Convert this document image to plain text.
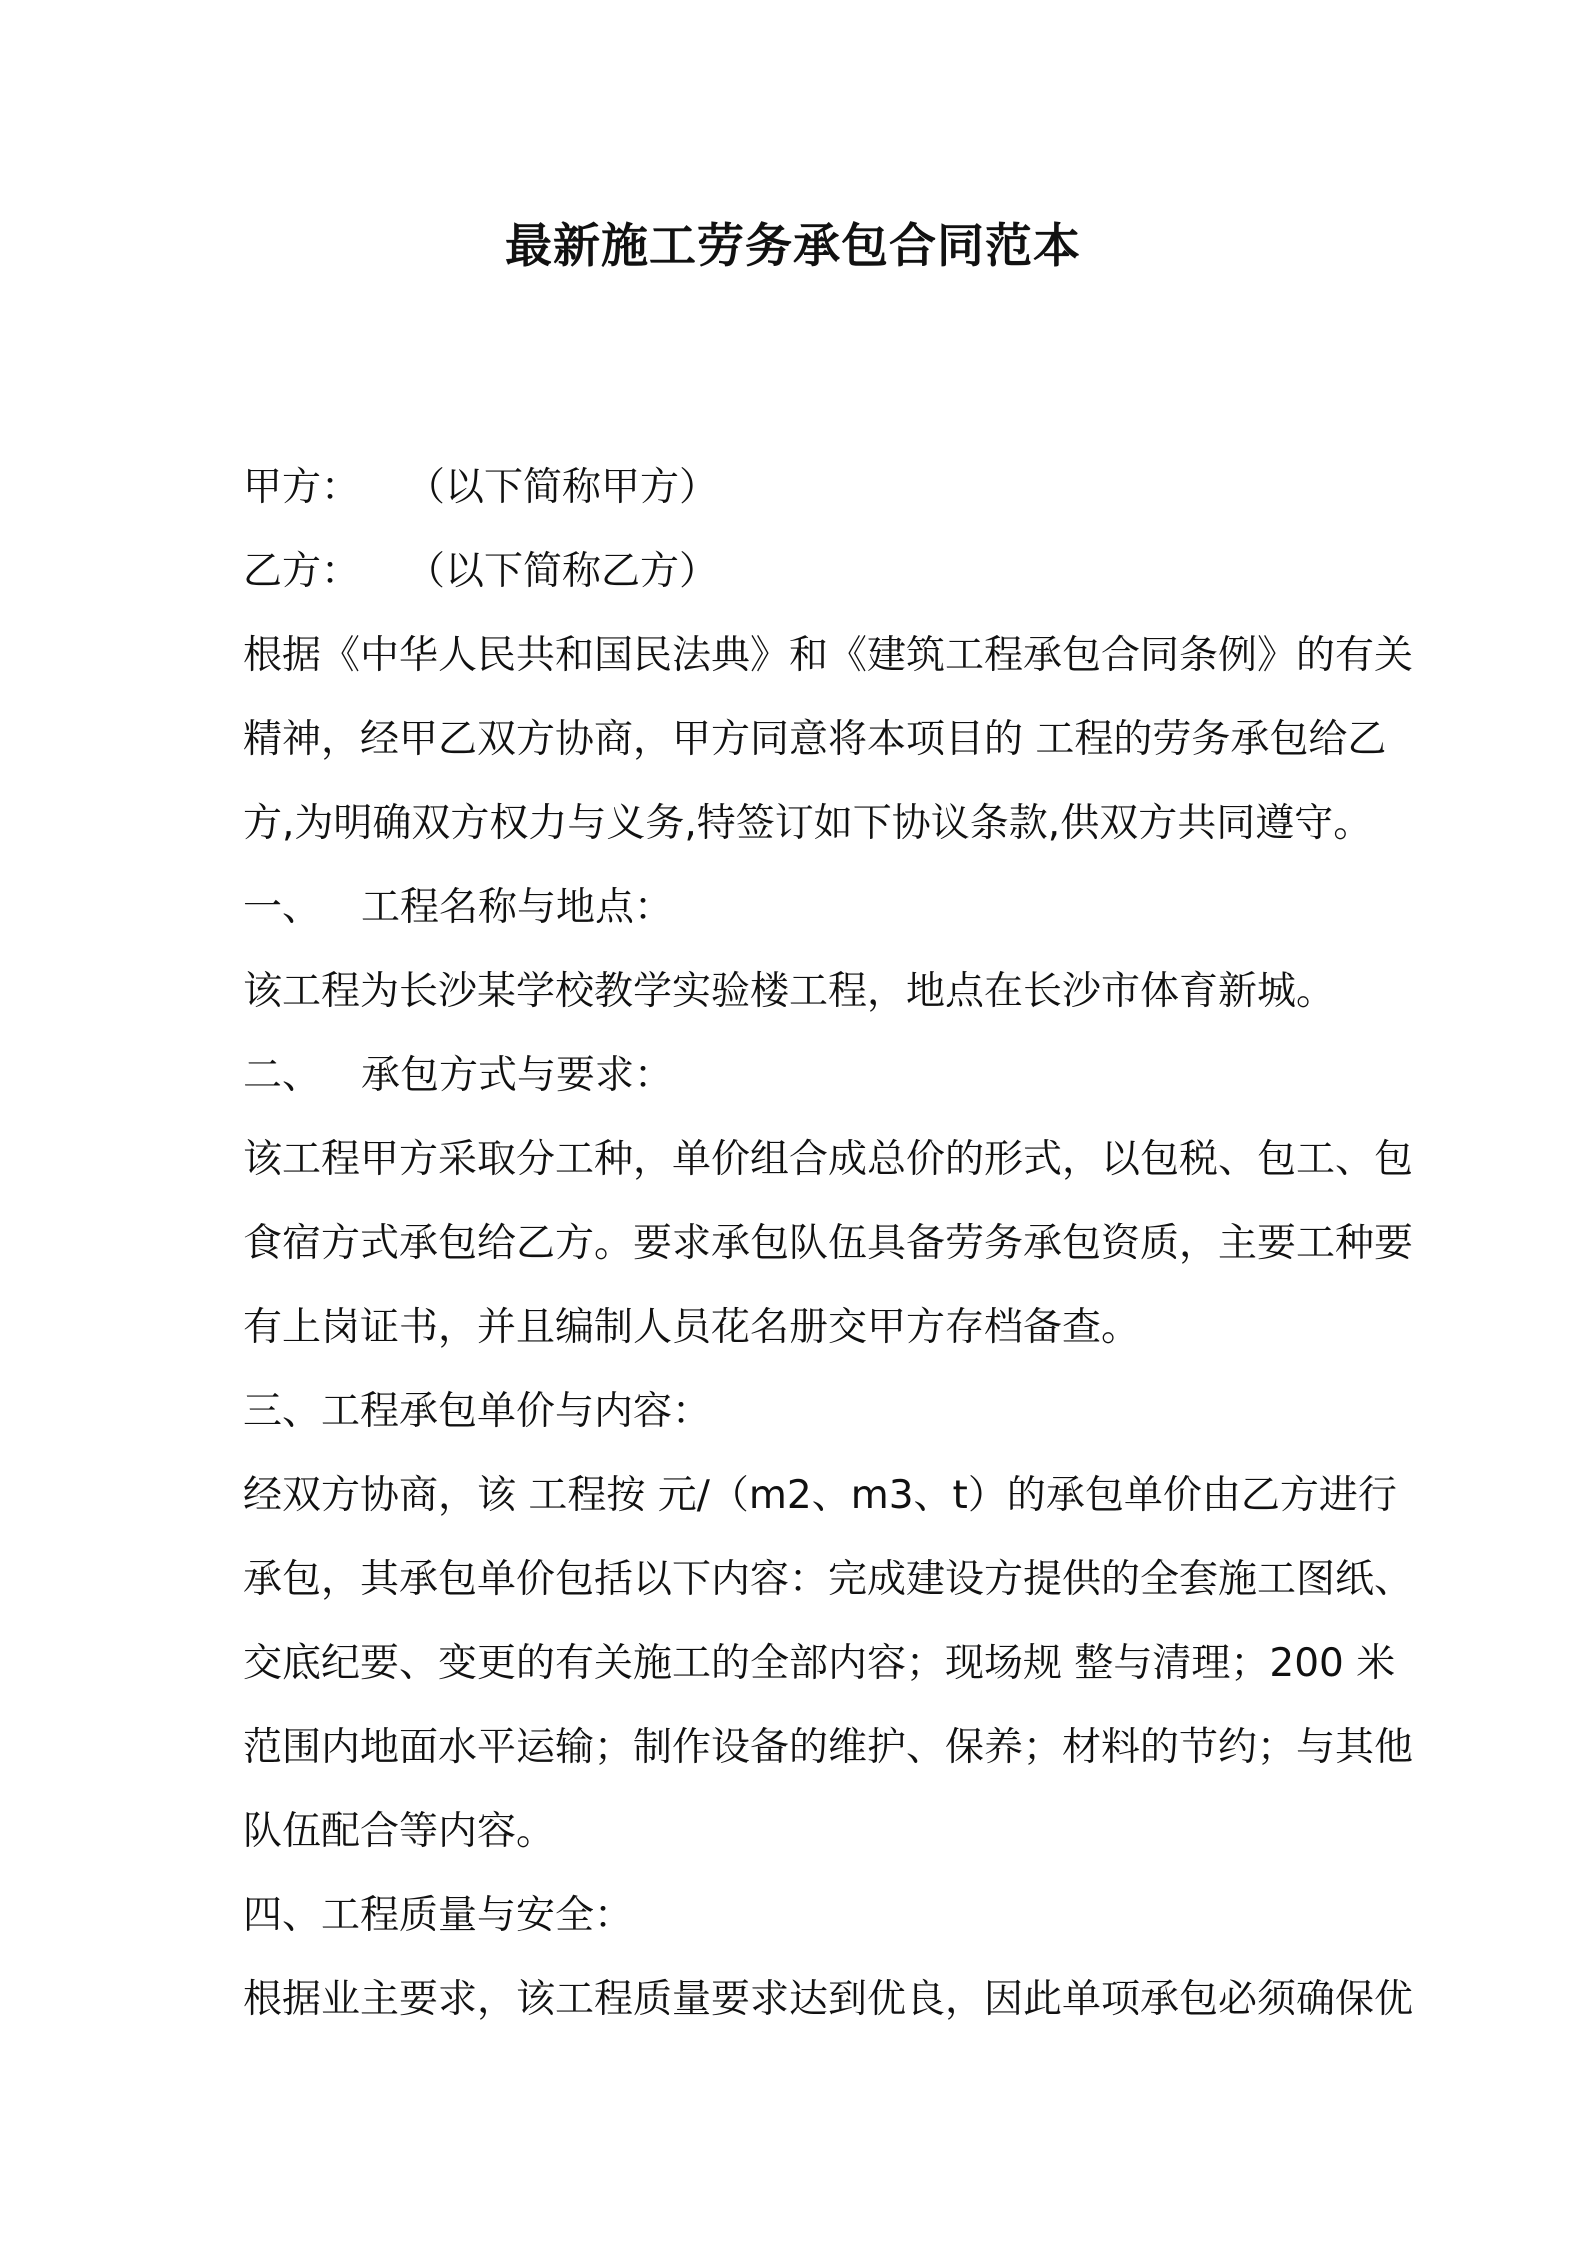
最新施工劳务承包合同范本
甲方： （以下简称甲方）
乙方： （以下简称乙方）
根据《中华人民共和国民法典》和《建筑工程承包合同条例》的有关
精神，经甲乙双方协商，甲方同意将本项目的 工程的劳务承包给乙
方,为明确双方权力与义务,特签订如下协议条款,供双方共同遵守。
一、 工程名称与地点：
该工程为长沙某学校教学实验楼工程，地点在长沙市体育新城。
二、 承包方式与要求：
该工程甲方采取分工种，单价组合成总价的形式，以包税、包工、包
食宿方式承包给乙方。要求承包队伍具备劳务承包资质，主要工种要
有上岗证书，并且编制人员花名册交甲方存档备查。
三、工程承包单价与内容：
经双方协商，该 工程按 元/（m2、m3、t）的承包单价由乙方进行
承包，其承包单价包括以下内容：完成建设方提供的全套施工图纸、
交底纪要、变更的有关施工的全部内容；现场规 整与清理；200 米
范围内地面水平运输；制作设备的维护、保养；材料的节约；与其他
队伍配合等内容。
四、工程质量与安全：
根据业主要求，该工程质量要求达到优良，因此单项承包必须确保优
